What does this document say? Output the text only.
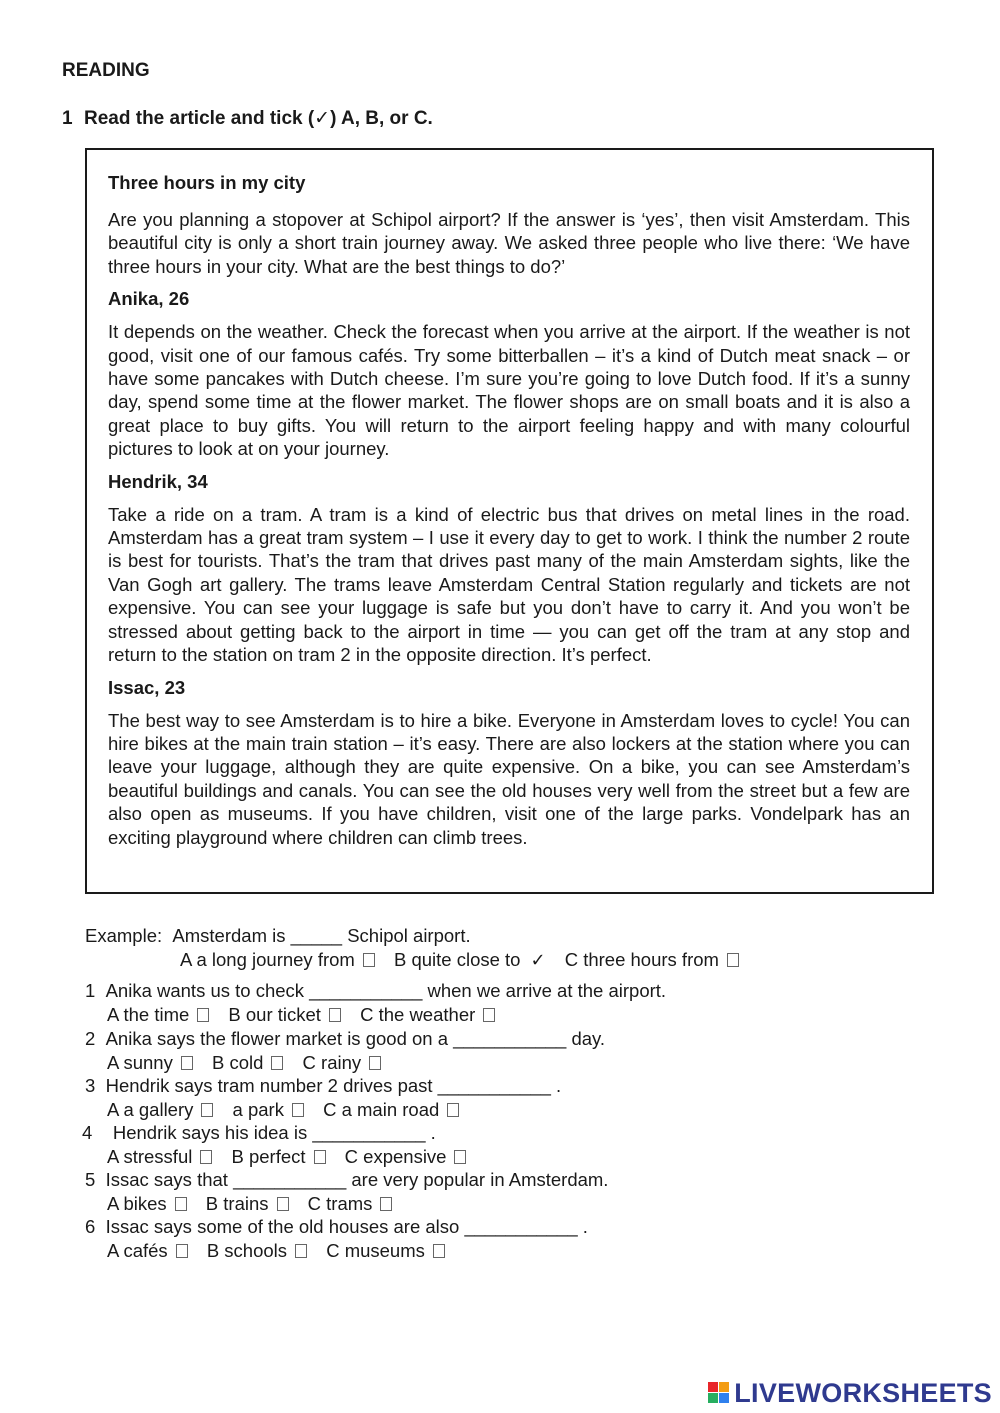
READING
1 Read the article and tick (✓) A, B, or C.
Three hours in my city

Are you planning a stopover at Schipol airport? If the answer is ‘yes’, then visit Amsterdam. This beautiful city is only a short train journey away. We asked three people who live there: ‘We have three hours in your city. What are the best things to do?’

Anika, 26

It depends on the weather. Check the forecast when you arrive at the airport. If the weather is not good, visit one of our famous cafés. Try some bitterballen – it’s a kind of Dutch meat snack – or have some pancakes with Dutch cheese. I’m sure you’re going to love Dutch food. If it’s a sunny day, spend some time at the flower market. The flower shops are on small boats and it is also a great place to buy gifts. You will return to the airport feeling happy and with many colourful pictures to look at on your journey.

Hendrik, 34

Take a ride on a tram. A tram is a kind of electric bus that drives on metal lines in the road. Amsterdam has a great tram system – I use it every day to get to work. I think the number 2 route is best for tourists. That’s the tram that drives past many of the main Amsterdam sights, like the Van Gogh art gallery. The trams leave Amsterdam Central Station regularly and tickets are not expensive. You can see your luggage is safe but you don’t have to carry it. And you won’t be stressed about getting back to the airport in time — you can get off the tram at any stop and return to the station on tram 2 in the opposite direction. It’s perfect.

Issac, 23

The best way to see Amsterdam is to hire a bike. Everyone in Amsterdam loves to cycle! You can hire bikes at the main train station – it’s easy. There are also lockers at the station where you can leave your luggage, although they are quite expensive. On a bike, you can see Amsterdam’s beautiful buildings and canals. You can see the old houses very well from the street but a few are also open as museums. If you have children, visit one of the large parks. Vondelpark has an exciting playground where children can climb trees.

Example: Amsterdam is _____ Schipol airport.
A a long journey from B quite close to ✓ C three hours from
1 Anika wants us to check ___________ when we arrive at the airport.
A the time B our ticket C the weather
2 Anika says the flower market is good on a ___________ day.
A sunny B cold C rainy
3 Hendrik says tram number 2 drives past ___________ .
A a gallery a park C a main road
4 Hendrik says his idea is ___________ .
A stressful B perfect C expensive
5 Issac says that ___________ are very popular in Amsterdam.
A bikes B trains C trams
6 Issac says some of the old houses are also ___________ .
A cafés B schools C museums
LIVEWORKSHEETS
